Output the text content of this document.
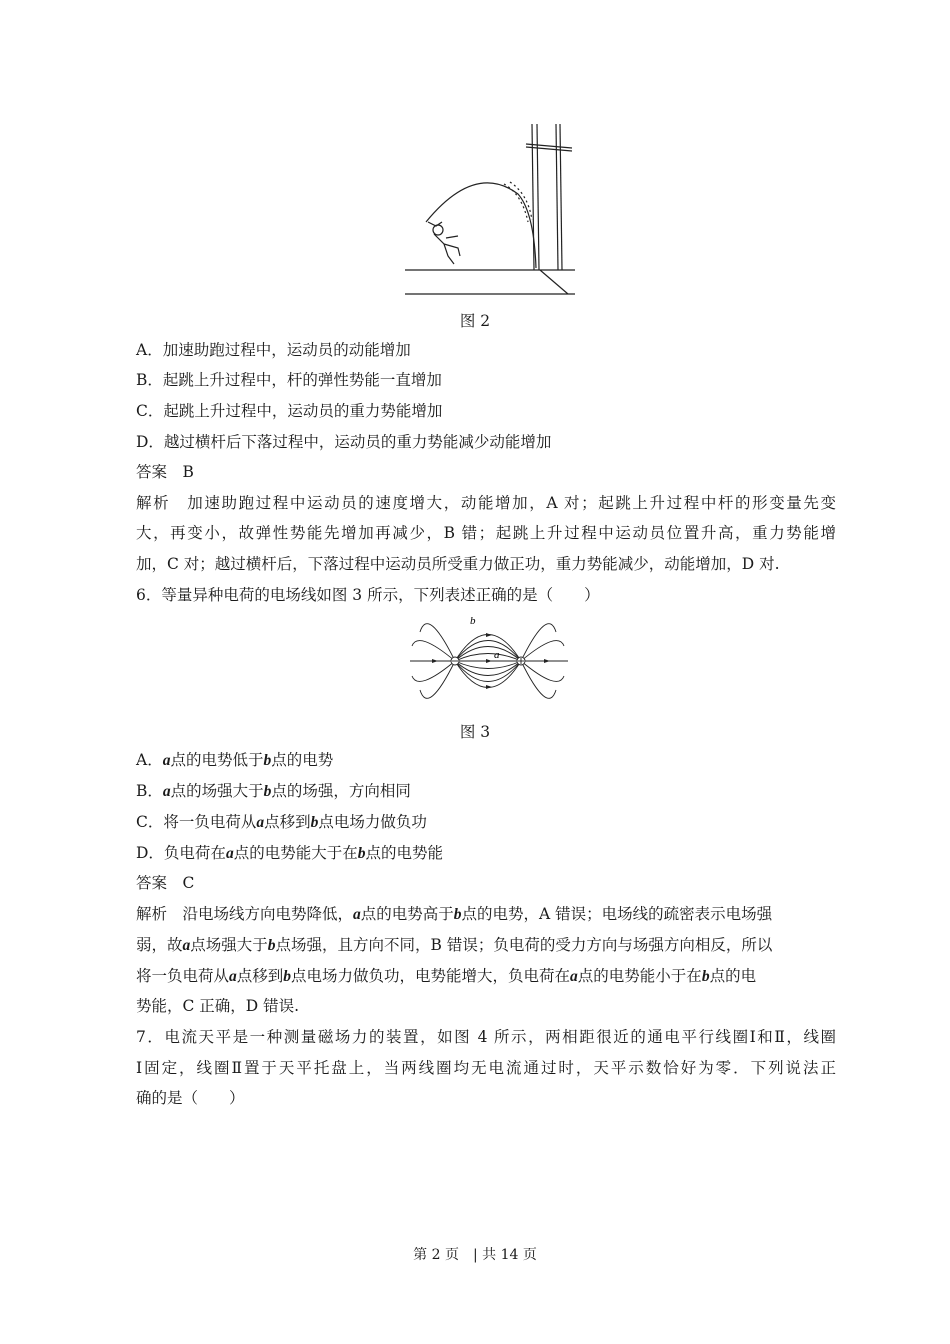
图 2
A．加速助跑过程中，运动员的动能增加
B．起跳上升过程中，杆的弹性势能一直增加
C．起跳上升过程中，运动员的重力势能增加
D．越过横杆后下落过程中，运动员的重力势能减少动能增加
答案　B
解析　加速助跑过程中运动员的速度增大，动能增加，A 对；起跳上升过程中杆的形变量先变
大，再变小，故弹性势能先增加再减少，B 错；起跳上升过程中运动员位置升高，重力势能增
加，C 对；越过横杆后，下落过程中运动员所受重力做正功，重力势能减少，动能增加，D 对.
6．等量异种电荷的电场线如图 3 所示，下列表述正确的是（　　）
b
a
图 3
A．a点的电势低于b点的电势
B．a点的场强大于b点的场强，方向相同
C．将一负电荷从a点移到b点电场力做负功
D．负电荷在a点的电势能大于在b点的电势能
答案　C
解析　沿电场线方向电势降低，a点的电势高于b点的电势，A 错误；电场线的疏密表示电场强
弱，故a点场强大于b点场强，且方向不同，B 错误；负电荷的受力方向与场强方向相反，所以
将一负电荷从a点移到b点电场力做负功，电势能增大，负电荷在a点的电势能小于在b点的电
势能，C 正确，D 错误.
7．电流天平是一种测量磁场力的装置，如图 4 所示，两相距很近的通电平行线圈Ⅰ和Ⅱ，线圈
Ⅰ固定，线圈Ⅱ置于天平托盘上，当两线圈均无电流通过时，天平示数恰好为零．下列说法正
确的是（　　）
第 2 页　| 共 14 页
